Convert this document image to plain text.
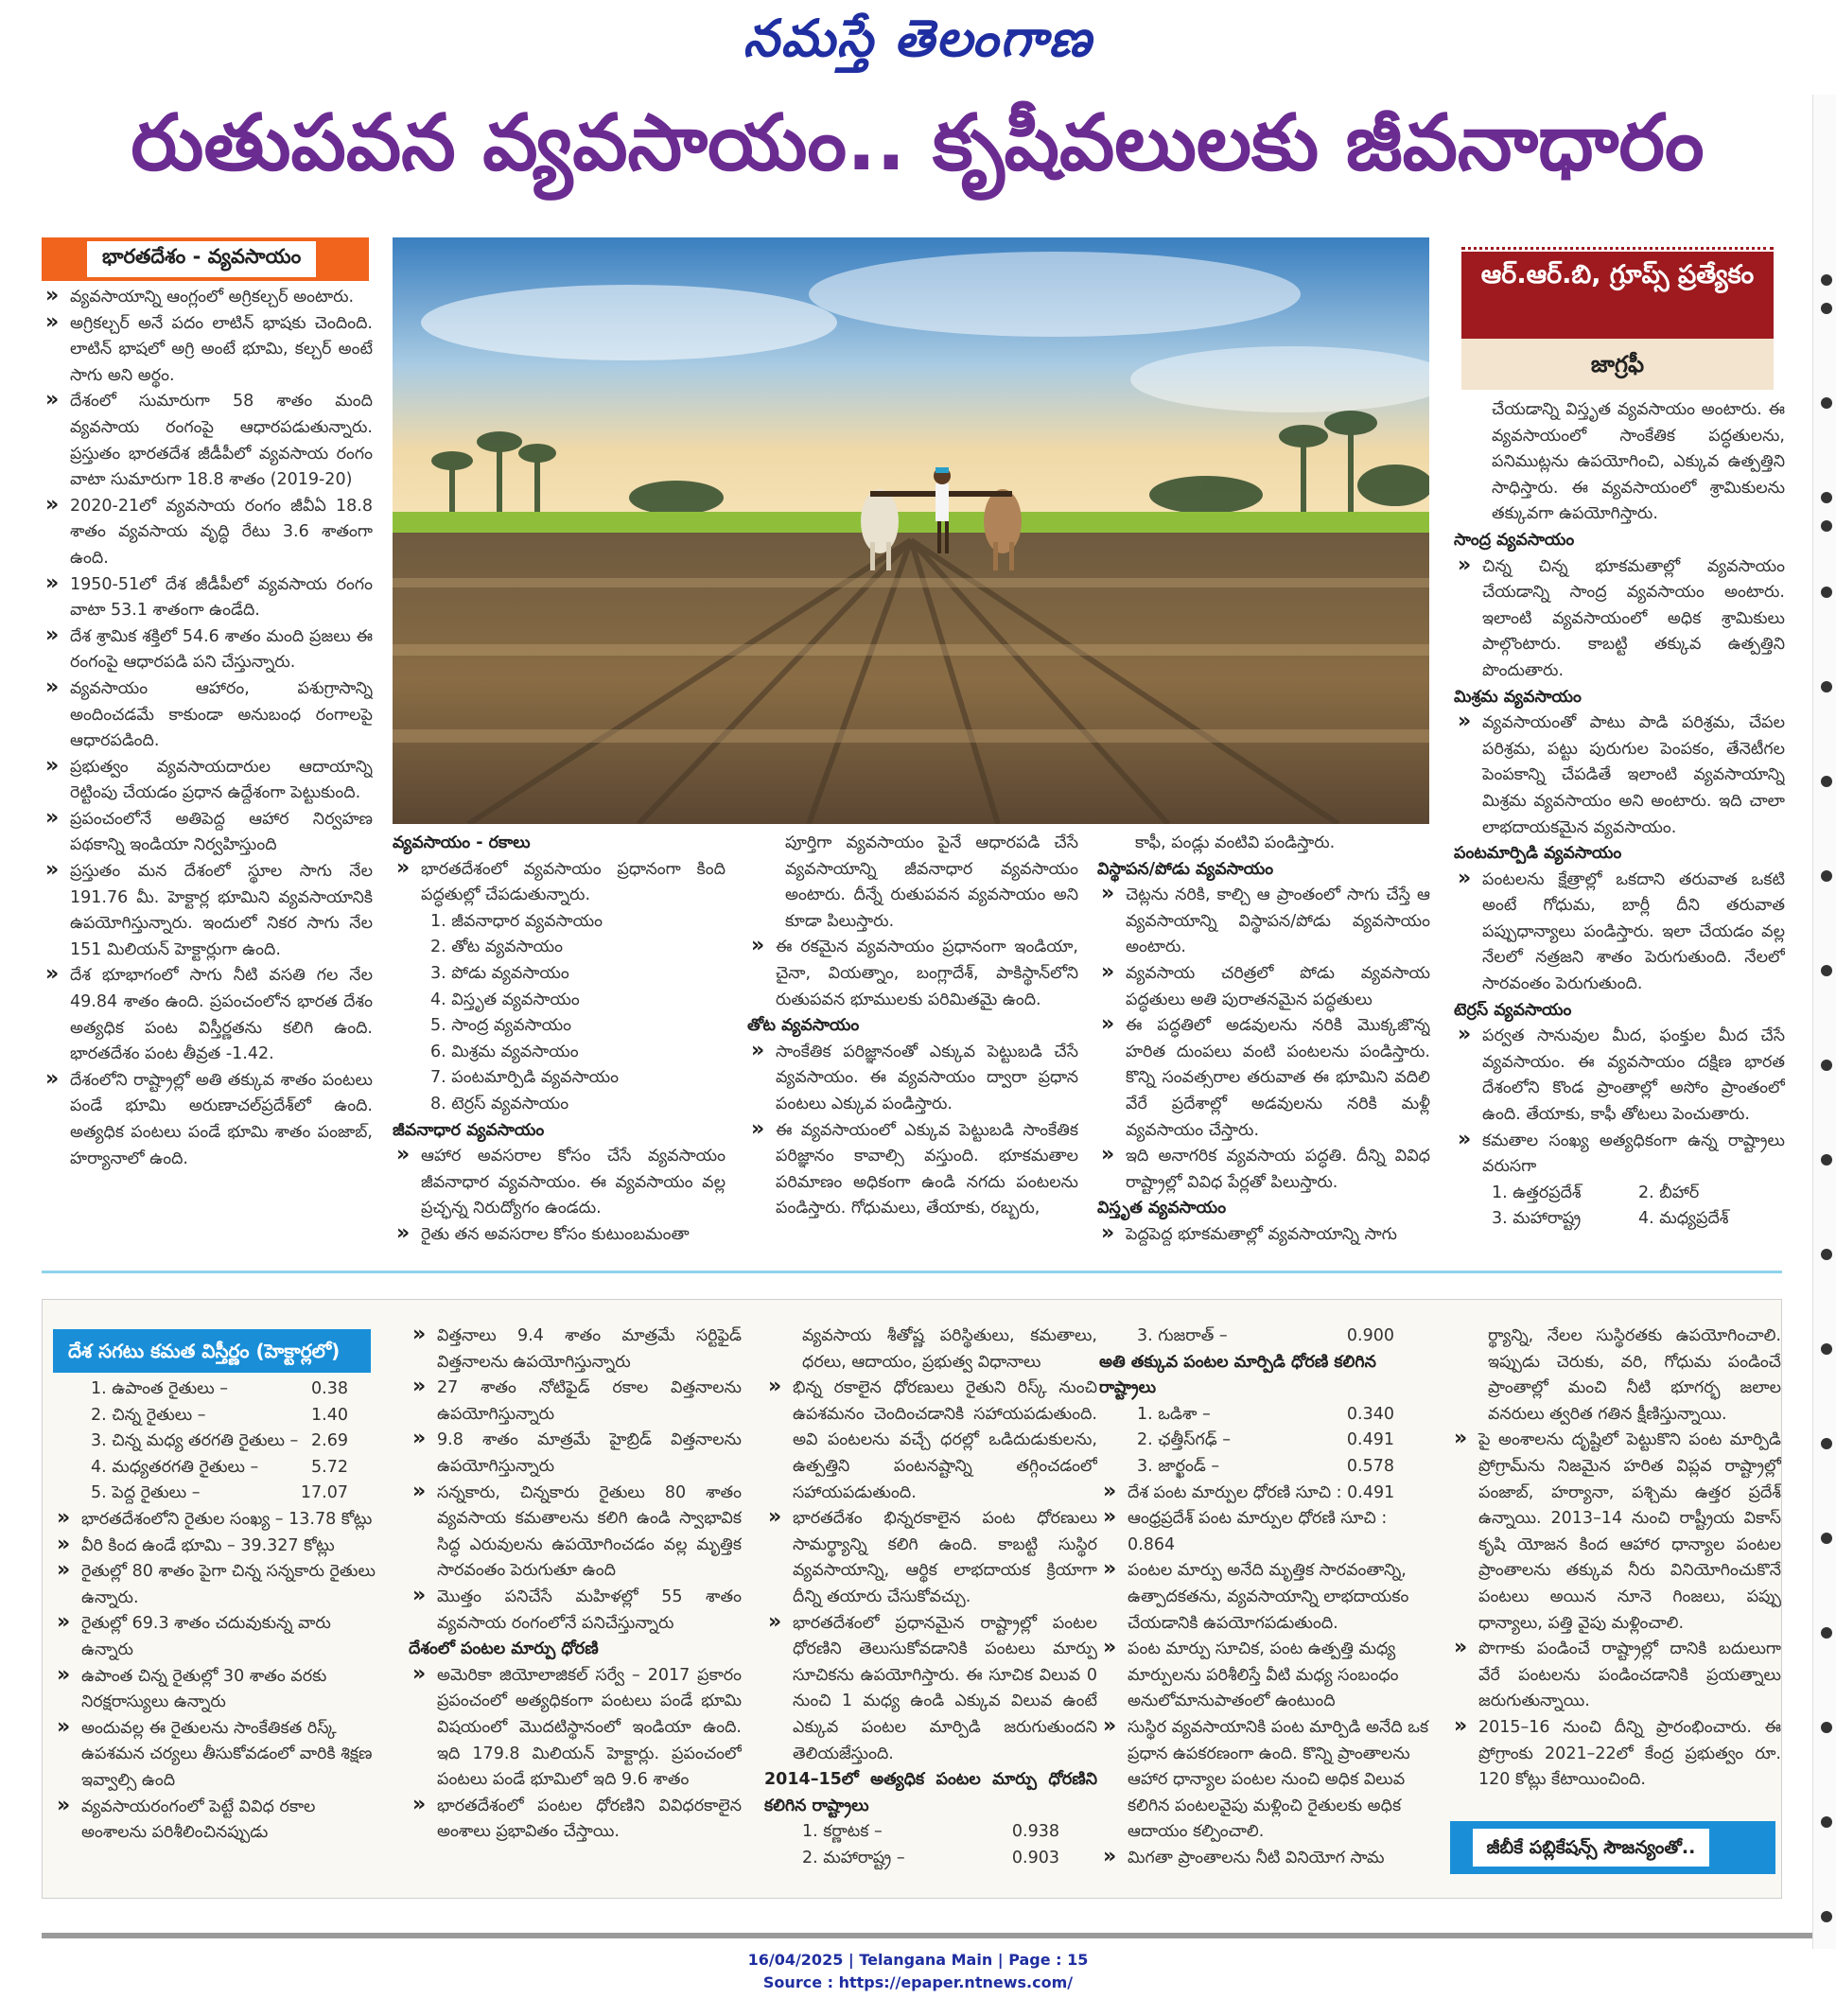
నమస్తే తెలంగాణ
రుతుపవన వ్యవసాయం.. కృషీవలులకు జీవనాధారం
భారతదేశం - వ్యవసాయం

» వ్యవసాయాన్ని ఆంగ్లంలో అగ్రికల్చర్ అంటారు.

» అగ్రికల్చర్ అనే పదం లాటిన్ భాషకు చెందింది. లాటిన్ భాషలో అగ్రి అంటే భూమి, కల్చర్ అంటే సాగు అని అర్థం.

» దేశంలో సుమారుగా 58 శాతం మంది వ్యవసాయ రంగంపై ఆధారపడుతున్నారు. ప్రస్తుతం భారతదేశ జీడీపీలో వ్యవసాయ రంగం వాటా సుమారుగా 18.8 శాతం (2019-20)

» 2020-21లో వ్యవసాయ రంగం జీవీఏ 18.8 శాతం వ్యవసాయ వృద్ధి రేటు 3.6 శాతంగా ఉంది.

» 1950-51లో దేశ జీడీపీలో వ్యవసాయ రంగం వాటా 53.1 శాతంగా ఉండేది.

» దేశ శ్రామిక శక్తిలో 54.6 శాతం మంది ప్రజలు ఈ రంగంపై ఆధారపడి పని చేస్తున్నారు.

» వ్యవసాయం ఆహారం, పశుగ్రాసాన్ని అందించడమే కాకుండా అనుబంధ రంగాలపై ఆధారపడింది.

» ప్రభుత్వం వ్యవసాయదారుల ఆదాయాన్ని రెట్టింపు చేయడం ప్రధాన ఉద్దేశంగా పెట్టుకుంది.

» ప్రపంచంలోనే అతిపెద్ద ఆహార నిర్వహణ పథకాన్ని ఇండియా నిర్వహిస్తుంది

» ప్రస్తుతం మన దేశంలో స్థూల సాగు నేల 191.76 మీ. హెక్టార్ల భూమిని వ్యవసాయానికి ఉపయోగిస్తున్నారు. ఇందులో నికర సాగు నేల 151 మిలియన్ హెక్టార్లుగా ఉంది.

» దేశ భూభాగంలో సాగు నీటి వసతి గల నేల 49.84 శాతం ఉంది. ప్రపంచంలోన భారత దేశం అత్యధిక పంట విస్తీర్ణతను కలిగి ఉంది. భారతదేశం పంట తీవ్రత -1.42.

» దేశంలోని రాష్ట్రాల్లో అతి తక్కువ శాతం పంటలు పండే భూమి అరుణాచల్‌ప్రదేశ్‌లో ఉంది. అత్యధిక పంటలు పండే భూమి శాతం పంజాబ్, హర్యానాలో ఉంది.

వ్యవసాయం - రకాలు

» భారతదేశంలో వ్యవసాయం ప్రధానంగా కింది పద్ధతుల్లో చేపడుతున్నారు.

1. జీవనాధార వ్యవసాయం

2. తోట వ్యవసాయం

3. పోడు వ్యవసాయం

4. విస్తృత వ్యవసాయం

5. సాంద్ర వ్యవసాయం

6. మిశ్రమ వ్యవసాయం

7. పంటమార్పిడి వ్యవసాయం

8. టెర్రస్ వ్యవసాయం

జీవనాధార వ్యవసాయం

» ఆహార అవసరాల కోసం చేసే వ్యవసాయం జీవనాధార వ్యవసాయం. ఈ వ్యవసాయం వల్ల ప్రచ్ఛన్న నిరుద్యోగం ఉండదు.

» రైతు తన అవసరాల కోసం కుటుంబమంతా

పూర్తిగా వ్యవసాయం పైనే ఆధారపడి చేసే వ్యవసాయాన్ని జీవనాధార వ్యవసాయం అంటారు. దీన్నే రుతుపవన వ్యవసాయం అని కూడా పిలుస్తారు.

» ఈ రకమైన వ్యవసాయం ప్రధానంగా ఇండియా, చైనా, వియత్నాం, బంగ్లాదేశ్, పాకిస్థాన్‌లోని రుతుపవన భూములకు పరిమితమై ఉంది.

తోట వ్యవసాయం

» సాంకేతిక పరిజ్ఞానంతో ఎక్కువ పెట్టుబడి చేసే వ్యవసాయం. ఈ వ్యవసాయం ద్వారా ప్రధాన పంటలు ఎక్కువ పండిస్తారు.

» ఈ వ్యవసాయంలో ఎక్కువ పెట్టుబడి సాంకేతిక పరిజ్ఞానం కావాల్సి వస్తుంది. భూకమతాల పరిమాణం అధికంగా ఉండి నగదు పంటలను పండిస్తారు. గోధుమలు, తేయాకు, రబ్బరు,

కాఫీ, పండ్లు వంటివి పండిస్తారు.

విస్థాపన/పోడు వ్యవసాయం

» చెట్లను నరికి, కాల్చి ఆ ప్రాంతంలో సాగు చేస్తే ఆ వ్యవసాయాన్ని విస్థాపన/పోడు వ్యవసాయం అంటారు.

» వ్యవసాయ చరిత్రలో పోడు వ్యవసాయ పద్ధతులు అతి పురాతనమైన పద్ధతులు

» ఈ పద్ధతిలో అడవులను నరికి మొక్కజొన్న హరిత దుంపలు వంటి పంటలను పండిస్తారు. కొన్ని సంవత్సరాల తరువాత ఈ భూమిని వదిలి వేరే ప్రదేశాల్లో అడవులను నరికి మళ్లీ వ్యవసాయం చేస్తారు.

» ఇది అనాగరిక వ్యవసాయ పద్ధతి. దీన్ని వివిధ రాష్ట్రాల్లో వివిధ పేర్లతో పిలుస్తారు.

విస్తృత వ్యవసాయం

» పెద్దపెద్ద భూకమతాల్లో వ్యవసాయాన్ని సాగు

ఆర్.ఆర్.బి, గ్రూప్స్ ప్రత్యేకం
జాగ్రఫీ

చేయడాన్ని విస్తృత వ్యవసాయం అంటారు. ఈ వ్యవసాయంలో సాంకేతిక పద్ధతులను, పనిముట్లను ఉపయోగించి, ఎక్కువ ఉత్పత్తిని సాధిస్తారు. ఈ వ్యవసాయంలో శ్రామికులను తక్కువగా ఉపయోగిస్తారు.

సాంద్ర వ్యవసాయం

» చిన్న చిన్న భూకమతాల్లో వ్యవసాయం చేయడాన్ని సాంద్ర వ్యవసాయం అంటారు. ఇలాంటి వ్యవసాయంలో అధిక శ్రామికులు పాల్గొంటారు. కాబట్టి తక్కువ ఉత్పత్తిని పొందుతారు.

మిశ్రమ వ్యవసాయం

» వ్యవసాయంతో పాటు పాడి పరిశ్రమ, చేపల పరిశ్రమ, పట్టు పురుగుల పెంపకం, తేనెటీగల పెంపకాన్ని చేపడితే ఇలాంటి వ్యవసాయాన్ని మిశ్రమ వ్యవసాయం అని అంటారు. ఇది చాలా లాభదాయకమైన వ్యవసాయం.

పంటమార్పిడి వ్యవసాయం

» పంటలను క్షేత్రాల్లో ఒకదాని తరువాత ఒకటి అంటే గోధుమ, బార్లీ దీని తరువాత పప్పుధాన్యాలు పండిస్తారు. ఇలా చేయడం వల్ల నేలలో నత్రజని శాతం పెరుగుతుంది. నేలలో సారవంతం పెరుగుతుంది.

టెర్రస్ వ్యవసాయం

» పర్వత సానువుల మీద, ఫంక్తుల మీద చేసే వ్యవసాయం. ఈ వ్యవసాయం దక్షిణ భారత దేశంలోని కొండ ప్రాంతాల్లో అసోం ప్రాంతంలో ఉంది. తేయాకు, కాఫీ తోటలు పెంచుతారు.

» కమతాల సంఖ్య అత్యధికంగా ఉన్న రాష్ట్రాలు వరుసగా

1. ఉత్తరప్రదేశ్	2. బీహార్
3. మహారాష్ట్ర	4. మధ్యప్రదేశ్

దేశ సగటు కమత విస్తీర్ణం (హెక్టార్లలో)

1. ఉపాంత రైతులు –	0.38

2. చిన్న రైతులు –	1.40

3. చిన్న మధ్య తరగతి రైతులు – 2.69

4. మధ్యతరగతి రైతులు –	5.72

5. పెద్ద రైతులు –	17.07

» భారతదేశంలోని రైతుల సంఖ్య – 13.78 కోట్లు

» వీరి కింద ఉండే భూమి – 39.327 కోట్లు

» రైతుల్లో 80 శాతం పైగా చిన్న సన్నకారు రైతులు ఉన్నారు.

» రైతుల్లో 69.3 శాతం చదువుకున్న వారు ఉన్నారు

» ఉపాంత చిన్న రైతుల్లో 30 శాతం వరకు నిరక్షరాస్యులు ఉన్నారు

» అందువల్ల ఈ రైతులను సాంకేతికత రిస్క్ ఉపశమన చర్యలు తీసుకోవడంలో వారికి శిక్షణ ఇవ్వాల్సి ఉంది

» వ్యవసాయరంగంలో పెట్టే వివిధ రకాల అంశాలను పరిశీలించినప్పుడు

» విత్తనాలు 9.4 శాతం మాత్రమే సర్టిఫైడ్ విత్తనాలను ఉపయోగిస్తున్నారు

» 27 శాతం నోటిఫైడ్ రకాల విత్తనాలను ఉపయోగిస్తున్నారు

» 9.8 శాతం మాత్రమే హైబ్రిడ్ విత్తనాలను ఉపయోగిస్తున్నారు

» సన్నకారు, చిన్నకారు రైతులు 80 శాతం వ్యవసాయ కమతాలను కలిగి ఉండి స్వాభావిక సిద్ధ ఎరువులను ఉపయోగించడం వల్ల మృత్తిక సారవంతం పెరుగుతూ ఉంది

» మొత్తం పనిచేసే మహిళల్లో 55 శాతం వ్యవసాయ రంగంలోనే పనిచేస్తున్నారు

దేశంలో పంటల మార్పు ధోరణి

» అమెరికా జియోలాజికల్ సర్వే – 2017 ప్రకారం ప్రపంచంలో అత్యధికంగా పంటలు పండే భూమి విషయంలో మొదటిస్థానంలో ఇండియా ఉంది. ఇది 179.8 మిలియన్ హెక్టార్లు. ప్రపంచంలో పంటలు పండే భూమిలో ఇది 9.6 శాతం

» భారతదేశంలో పంటల ధోరణిని వివిధరకాలైన అంశాలు ప్రభావితం చేస్తాయి.

వ్యవసాయ శీతోష్ణ పరిస్థితులు, కమతాలు, ధరలు, ఆదాయం, ప్రభుత్వ విధానాలు

» భిన్న రకాలైన ధోరణులు రైతుని రిస్క్ నుంచి ఉపశమనం చెందించడానికి సహాయపడుతుంది. అవి పంటలను వచ్చే ధరల్లో ఒడిదుడుకులను, ఉత్పత్తిని పంటనష్టాన్ని తగ్గించడంలో సహాయపడుతుంది.

» భారతదేశం భిన్నరకాలైన పంట ధోరణులు సామర్థ్యాన్ని కలిగి ఉంది. కాబట్టి సుస్థిర వ్యవసాయాన్ని, ఆర్థిక లాభదాయక క్రియాగా దీన్ని తయారు చేసుకోవచ్చు.

» భారతదేశంలో ప్రధానమైన రాష్ట్రాల్లో పంటల ధోరణిని తెలుసుకోవడానికి పంటలు మార్పు సూచికను ఉపయోగిస్తారు. ఈ సూచిక విలువ 0 నుంచి 1 మధ్య ఉండి ఎక్కువ విలువ ఉంటే ఎక్కువ పంటల మార్పిడి జరుగుతుందని తెలియజేస్తుంది.

2014–15లో అత్యధిక పంటల మార్పు ధోరణిని కలిగిన రాష్ట్రాలు

1. కర్ణాటక –	0.938

2. మహారాష్ట్ర –	0.903

3. గుజరాత్ –	0.900

అతి తక్కువ పంటల మార్పిడి ధోరణి కలిగిన రాష్ట్రాలు

1. ఒడిశా –	0.340

2. ఛత్తీస్‌గఢ్ –	0.491

3. జార్ఖండ్ –	0.578

» దేశ పంట మార్పుల ధోరణి సూచి : 0.491

» ఆంధ్రప్రదేశ్ పంట మార్పుల ధోరణి సూచి : 0.864

» పంటల మార్పు అనేది మృత్తిక సారవంతాన్ని, ఉత్పాదకతను, వ్యవసాయాన్ని లాభదాయకం చేయడానికి ఉపయోగపడుతుంది.

» పంట మార్పు సూచిక, పంట ఉత్పత్తి మధ్య మార్పులను పరిశీలిస్తే వీటి మధ్య సంబంధం అనులోమానుపాతంలో ఉంటుంది

» సుస్థిర వ్యవసాయానికి పంట మార్పిడి అనేది ఒక ప్రధాన ఉపకరణంగా ఉంది. కొన్ని ప్రాంతాలను ఆహార ధాన్యాల పంటల నుంచి అధిక విలువ కలిగిన పంటలవైపు మళ్లించి రైతులకు అధిక ఆదాయం కల్పించాలి.

» మిగతా ప్రాంతాలను నీటి వినియోగ సామ

ర్థ్యాన్ని, నేలల సుస్థిరతకు ఉపయోగించాలి. ఇప్పుడు చెరుకు, వరి, గోధుమ పండించే ప్రాంతాల్లో మంచి నీటి భూగర్భ జలాల వనరులు త్వరిత గతిన క్షీణిస్తున్నాయి.

» పై అంశాలను దృష్టిలో పెట్టుకొని పంట మార్పిడి ప్రోగ్రామ్‌ను నిజమైన హరిత విప్లవ రాష్ట్రాల్లో పంజాబ్, హర్యానా, పశ్చిమ ఉత్తర ప్రదేశ్ ఉన్నాయి. 2013–14 నుంచి రాష్ట్రీయ వికాస్ కృషి యోజన కింద ఆహార ధాన్యాల పంటల ప్రాంతాలను తక్కువ నీరు వినియోగించుకొనే పంటలు అయిన నూనె గింజలు, పప్పు ధాన్యాలు, పత్తి వైపు మళ్లించాలి.

» పొగాకు పండించే రాష్ట్రాల్లో దానికి బదులుగా వేరే పంటలను పండించడానికి ప్రయత్నాలు జరుగుతున్నాయి.

» 2015–16 నుంచి దీన్ని ప్రారంభించారు. ఈ ప్రోగ్రాంకు 2021–22లో కేంద్ర ప్రభుత్వం రూ. 120 కోట్లు కేటాయించింది.

జీబీకే పబ్లికేషన్స్ సౌజన్యంతో..
16/04/2025 | Telangana Main | Page : 15
Source : https://epaper.ntnews.com/
